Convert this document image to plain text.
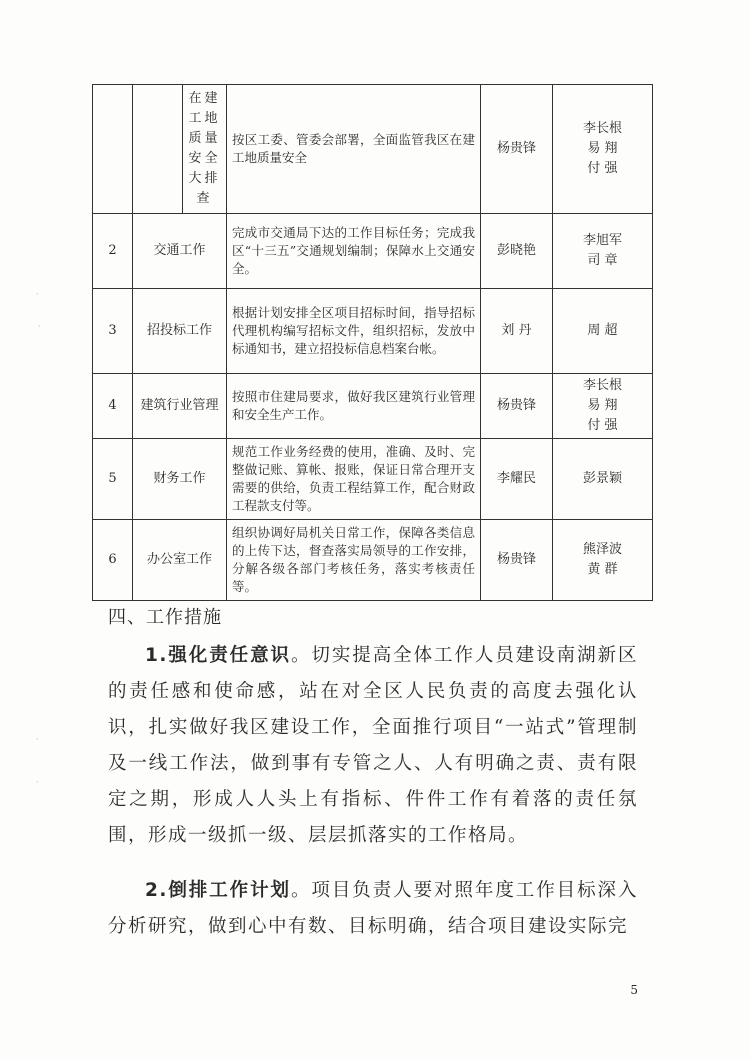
		在建工地质量安全大排查	按区工委、管委会部署，全面监管我区在建工地质量安全	杨贵锋	李长根
易 翔
付 强
2	交通工作		完成市交通局下达的工作目标任务；完成我区“十三五”交通规划编制；保障水上交通安全。	彭晓艳	李旭军
司 章
3	招投标工作		根据计划安排全区项目招标时间，指导招标代理机构编写招标文件，组织招标，发放中标通知书，建立招投标信息档案台帐。	刘 丹	周 超
4	建筑行业管理		按照市住建局要求，做好我区建筑行业管理和安全生产工作。	杨贵锋	李长根
易 翔
付 强
5	财务工作		规范工作业务经费的使用，准确、及时、完整做记账、算帐、报账，保证日常合理开支需要的供给，负责工程结算工作，配合财政工程款支付等。	李耀民	彭景颖
6	办公室工作		组织协调好局机关日常工作，保障各类信息的上传下达，督查落实局领导的工作安排，分解各级各部门考核任务，落实考核责任等。	杨贵锋	熊泽波
黄 群
四、工作措施

1.强化责任意识。切实提高全体工作人员建设南湖新区的责任感和使命感，站在对全区人民负责的高度去强化认识，扎实做好我区建设工作，全面推行项目“一站式”管理制及一线工作法，做到事有专管之人、人有明确之责、责有限定之期，形成人人头上有指标、件件工作有着落的责任氛围，形成一级抓一级、层层抓落实的工作格局。

2.倒排工作计划。项目负责人要对照年度工作目标深入分析研究，做到心中有数、目标明确，结合项目建设实际完

5
·
·
·
·
